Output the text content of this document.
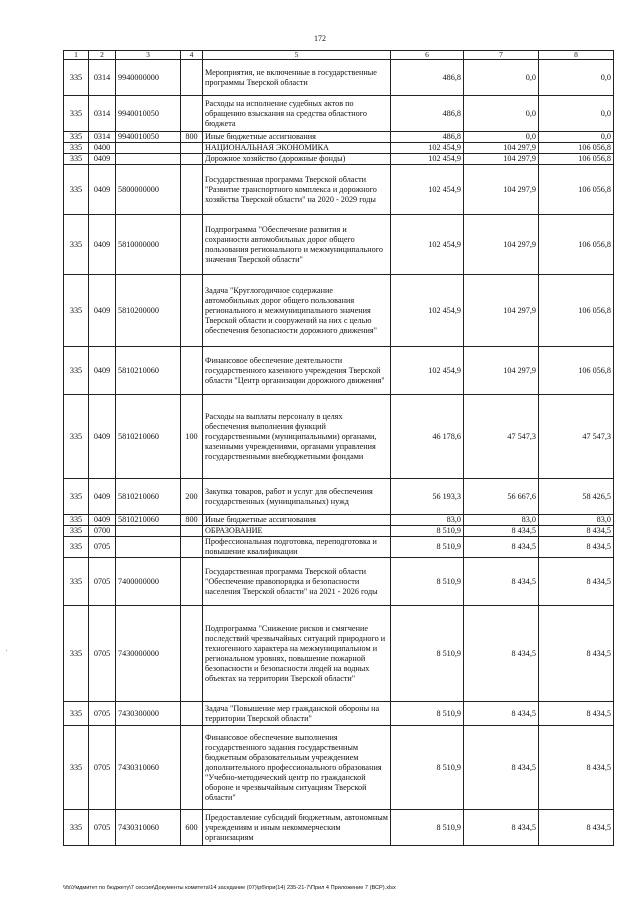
172
1	2	3	4	5	6	7	8
335	0314	9940000000		Мероприятия, не включенные в государственные программы Тверской области	486,8	0,0	0,0
335	0314	9940010050		Расходы на исполнение судебных актов по обращению взыскания на средства областного бюджета	486,8	0,0	0,0
335	0314	9940010050	800	Иные бюджетные ассигнования	486,8	0,0	0,0
335	0400			НАЦИОНАЛЬНАЯ ЭКОНОМИКА	102 454,9	104 297,9	106 056,8
335	0409			Дорожное хозяйство (дорожные фонды)	102 454,9	104 297,9	106 056,8
335	0409	5800000000		Государственная программа Тверской области "Развитие транспортного комплекса и дорожного хозяйства Тверской области" на 2020 - 2029 годы	102 454,9	104 297,9	106 056,8
335	0409	5810000000		Подпрограмма "Обеспечение развития и сохранности автомобильных дорог общего пользования регионального и межмуниципального значения Тверской области"	102 454,9	104 297,9	106 056,8
335	0409	5810200000		Задача "Круглогодичное содержание автомобильных дорог общего пользования регионального и межмуниципального значения Тверской области и сооружений на них с целью обеспечения безопасности дорожного движения"	102 454,9	104 297,9	106 056,8
335	0409	5810210060		Финансовое обеспечение деятельности государственного казенного учреждения Тверской области "Центр организации дорожного движения"	102 454,9	104 297,9	106 056,8
335	0409	5810210060	100	Расходы на выплаты персоналу в целях обеспечения выполнения функций государственными (муниципальными) органами, казенными учреждениями, органами управления государственными внебюджетными фондами	46 178,6	47 547,3	47 547,3
335	0409	5810210060	200	Закупка товаров, работ и услуг для обеспечения государственных (муниципальных) нужд	56 193,3	56 667,6	58 426,5
335	0409	5810210060	800	Иные бюджетные ассигнования	83,0	83,0	83,0
335	0700			ОБРАЗОВАНИЕ	8 510,9	8 434,5	8 434,5
335	0705			Профессиональная подготовка, переподготовка и повышение квалификации	8 510,9	8 434,5	8 434,5
335	0705	7400000000		Государственная программа Тверской области "Обеспечение правопорядка и безопасности населения Тверской области" на 2021 - 2026 годы	8 510,9	8 434,5	8 434,5
335	0705	7430000000		Подпрограмма "Снижение рисков и смягчение последствий чрезвычайных ситуаций природного и техногенного характера на межмуниципальном и региональном уровнях, повышение пожарной безопасности и безопасности людей на водных объектах на территории Тверской области"	8 510,9	8 434,5	8 434,5
335	0705	7430300000		Задача "Повышение мер гражданской обороны на территории Тверской области"	8 510,9	8 434,5	8 434,5
335	0705	7430310060		Финансовое обеспечение выполнения государственного задания государственным бюджетным образовательным учреждением дополнительного профессионального образования "Учебно-методический центр по гражданской обороне и чрезвычайным ситуациям Тверской области"	8 510,9	8 434,5	8 434,5
335	0705	7430310060	600	Предоставление субсидий бюджетным, автономным учреждениям и иным некоммерческим организациям	8 510,9	8 434,5	8 434,5
'
\\fs\Умдмитет по бюджету\7 сессия\Документы комитета\14 заседание (07)\рб\при(14) 235-21-7\Прил 4 Приложение 7 (ВСР).xlsx
